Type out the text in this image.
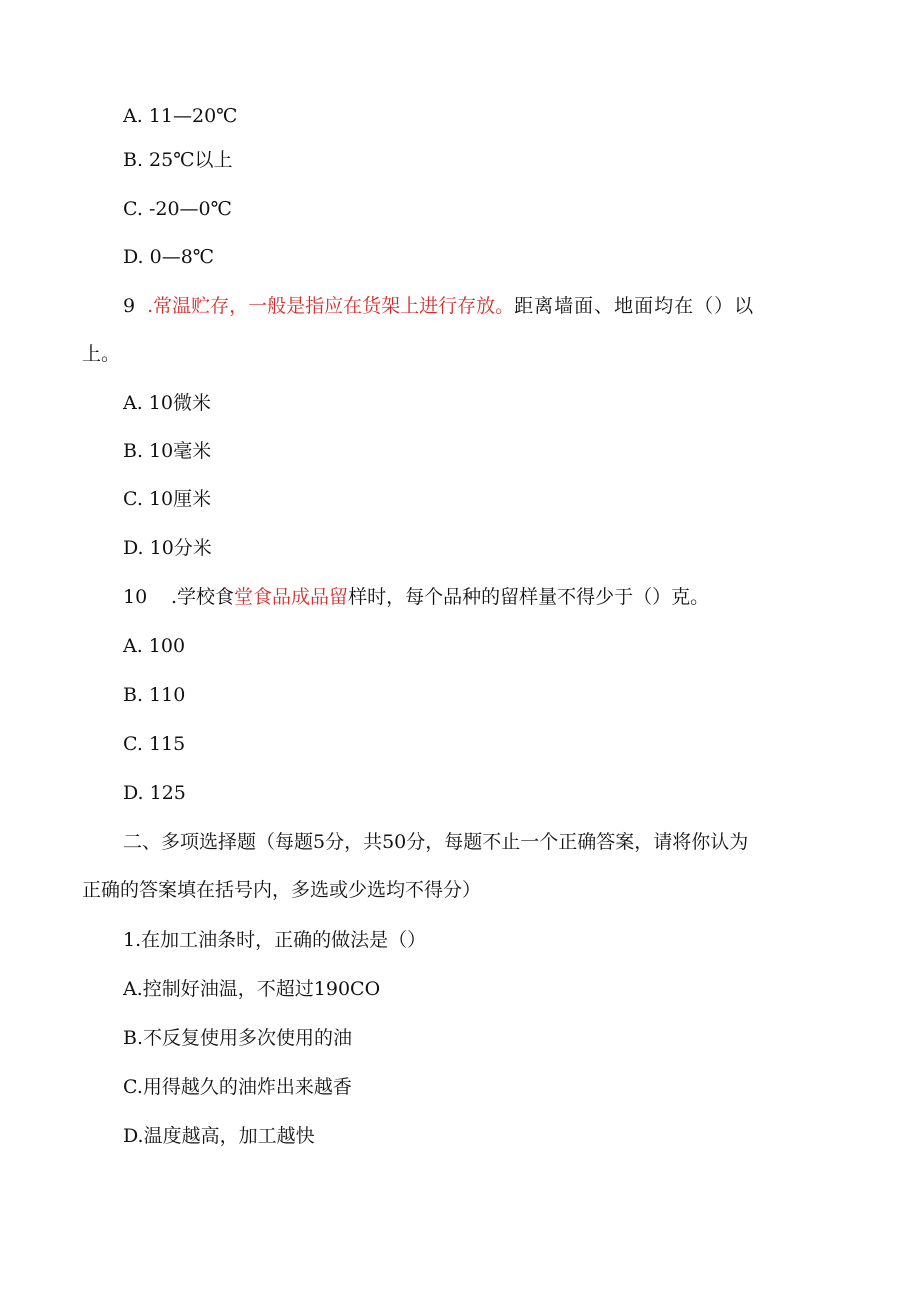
A. 11—20℃
B. 25℃以上
C. -20—0℃
D. 0—8℃
9 .常温贮存，一般是指应在货架上进行存放。距离墙面、地面均在（）以
上。
A. 10微米
B. 10毫米
C. 10厘米
D. 10分米
10 .学校食堂食品成品留样时，每个品种的留样量不得少于（）克。
A. 100
B. 110
C. 115
D. 125
二、多项选择题（每题5分，共50分，每题不止一个正确答案，请将你认为
正确的答案填在括号内，多选或少选均不得分）
1.在加工油条时，正确的做法是（）
A.控制好油温，不超过190CO
B.不反复使用多次使用的油
C.用得越久的油炸出来越香
D.温度越高，加工越快
